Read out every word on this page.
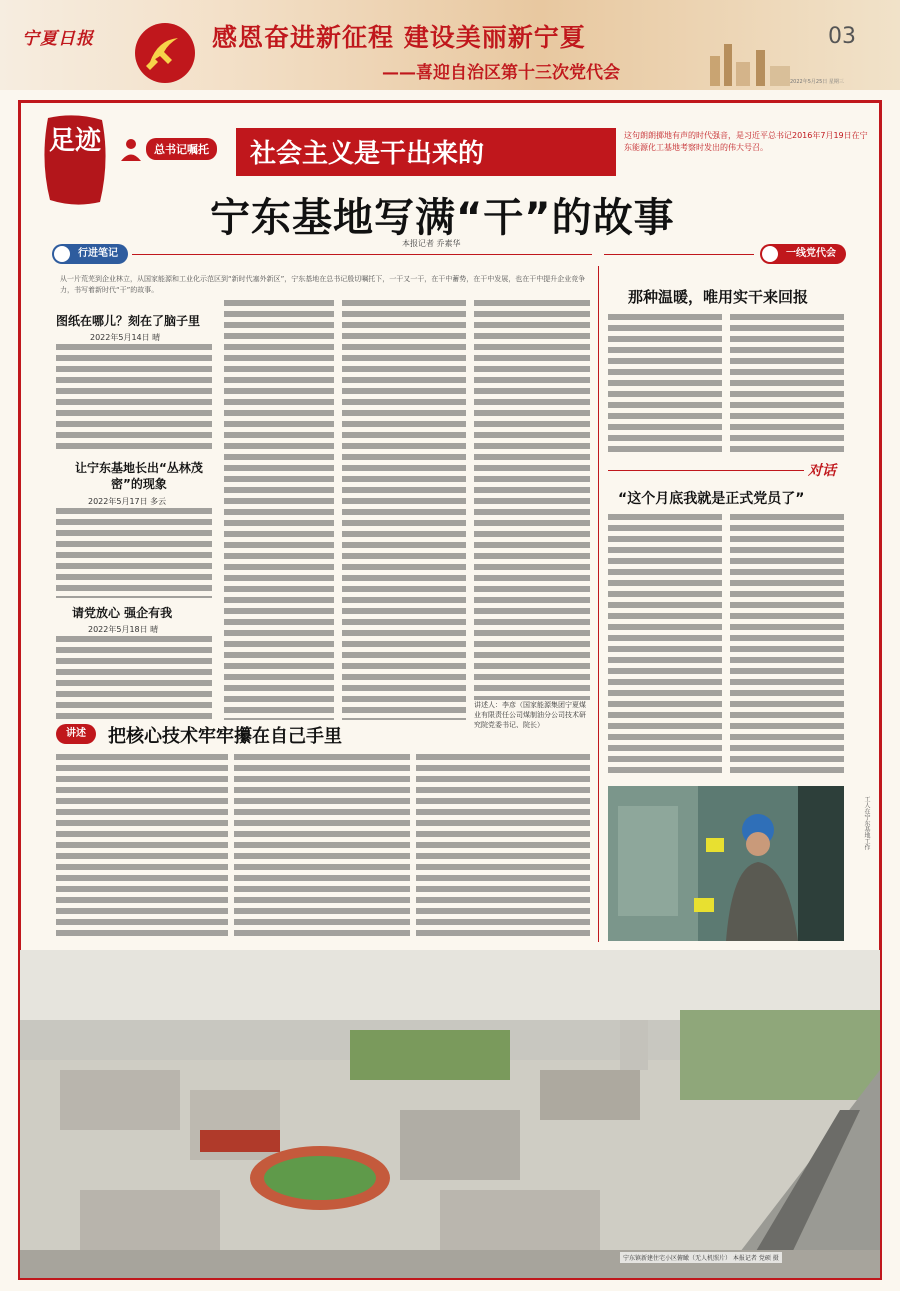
宁夏日报	感恩奋进新征程 建设美丽新宁夏
——喜迎自治区第十三次党代会
03
2022年5月25日 星期三
足迹	总书记嘱托	社会主义是干出来的
这句朗朗掷地有声的时代强音，是习近平总书记2016年7月19日在宁东能源化工基地考察时发出的伟大号召。
宁东基地写满“干”的故事
本报记者 乔素华
行进笔记	一线党代会
从一片荒芜到企业林立，从国家能源和工业化示范区到“新时代塞外新区”，宁东基地在总书记殷切嘱托下，一干又一干，在干中蓄势，在干中发展，也在干中提升企业竞争力，书写着新时代“干”的故事。
图纸在哪儿？刻在了脑子里
2022年5月14日 晴
让宁东基地长出“丛林茂密”的现象
2022年5月17日 多云
请党放心 强企有我
2022年5月18日 晴
讲述人：李彦（国家能源集团宁夏煤业有限责任公司煤制油分公司技术研究院党委书记、院长）
讲述	把核心技术牢牢攥在自己手里
那种温暖，唯用实干来回报
对话
“这个月底我就是正式党员了”
工人在宁东基地工作
宁东镇新建住宅小区俯瞰（无人机照片） 本报记者 党硕 摄
